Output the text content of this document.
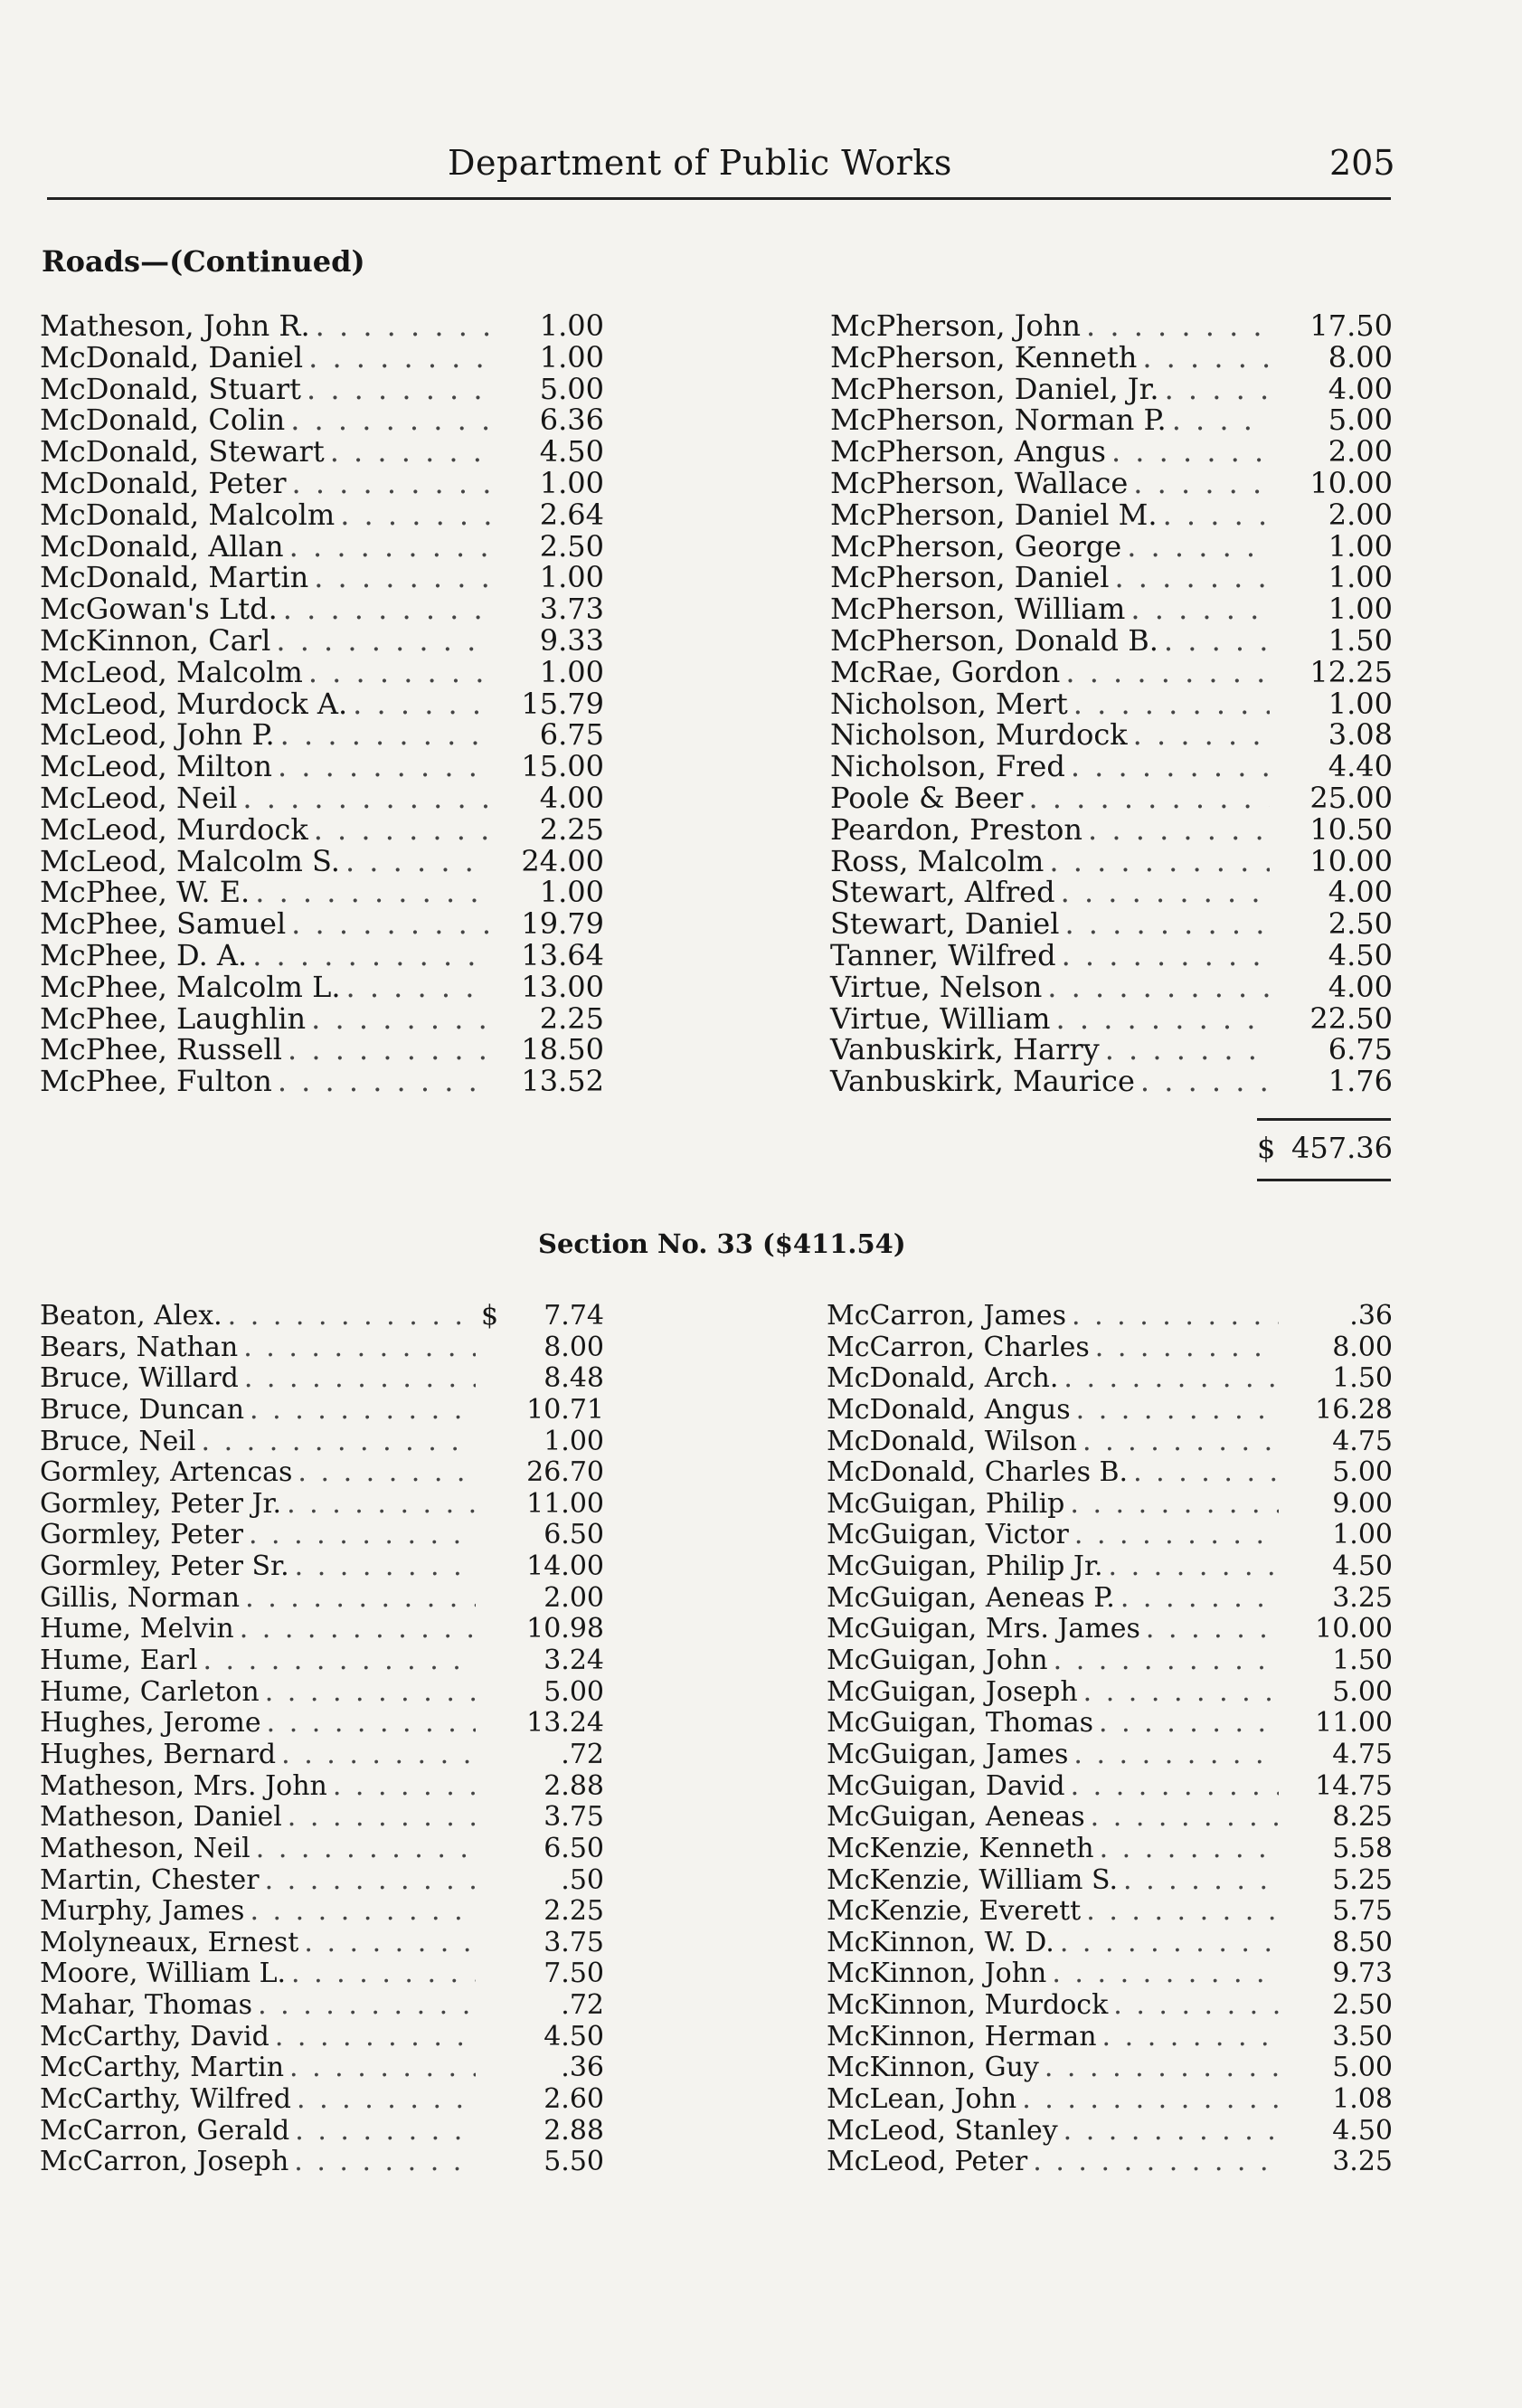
Department of Public Works	205
Roads—(Continued)
Matheson, John R. . . .	1.00
McDonald, Daniel . . .	1.00
McDonald, Stuart . . .	5.00
McDonald, Colin . . .	6.36
McDonald, Stewart . . .	4.50
McDonald, Peter . . .	1.00
McDonald, Malcolm . . .	2.64
McDonald, Allan . . .	2.50
McDonald, Martin . . .	1.00
McGowan's Ltd. . . .	3.73
McKinnon, Carl . . .	9.33
McLeod, Malcolm . . .	1.00
McLeod, Murdock A. . . .	15.79
McLeod, John P. . . .	6.75
McLeod, Milton . . .	15.00
McLeod, Neil . . .	4.00
McLeod, Murdock . . .	2.25
McLeod, Malcolm S. . . .	24.00
McPhee, W. E. . . .	1.00
McPhee, Samuel . . .	19.79
McPhee, D. A. . . .	13.64
McPhee, Malcolm L. . . .	13.00
McPhee, Laughlin . . .	2.25
McPhee, Russell . . .	18.50
McPhee, Fulton . . .	13.52
McPherson, John . . .	17.50
McPherson, Kenneth . . .	8.00
McPherson, Daniel, Jr. . . .	4.00
McPherson, Norman P. . . .	5.00
McPherson, Angus . . .	2.00
McPherson, Wallace . . .	10.00
McPherson, Daniel M. . . .	2.00
McPherson, George . . .	1.00
McPherson, Daniel . . .	1.00
McPherson, William . . .	1.00
McPherson, Donald B. . . .	1.50
McRae, Gordon . . .	12.25
Nicholson, Mert . . .	1.00
Nicholson, Murdock . . .	3.08
Nicholson, Fred . . .	4.40
Poole & Beer . . .	25.00
Peardon, Preston . . .	10.50
Ross, Malcolm . . .	10.00
Stewart, Alfred . . .	4.00
Stewart, Daniel . . .	2.50
Tanner, Wilfred . . .	4.50
Virtue, Nelson . . .	4.00
Virtue, William . . .	22.50
Vanbuskirk, Harry . . .	6.75
Vanbuskirk, Maurice . . .	1.76
$ 457.36
Section No. 33 ($411.54)
Beaton, Alex. . . .	$	7.74
Bears, Nathan . . .	8.00
Bruce, Willard . . .	8.48
Bruce, Duncan . . .	10.71
Bruce, Neil . . .	1.00
Gormley, Artencas . . .	26.70
Gormley, Peter Jr. . . .	11.00
Gormley, Peter . . .	6.50
Gormley, Peter Sr. . . .	14.00
Gillis, Norman . . .	2.00
Hume, Melvin . . .	10.98
Hume, Earl . . .	3.24
Hume, Carleton . . .	5.00
Hughes, Jerome . . .	13.24
Hughes, Bernard . . .	.72
Matheson, Mrs. John . . .	2.88
Matheson, Daniel . . .	3.75
Matheson, Neil . . .	6.50
Martin, Chester . . .	.50
Murphy, James . . .	2.25
Molyneaux, Ernest . . .	3.75
Moore, William L. . . .	7.50
Mahar, Thomas . . .	.72
McCarthy, David . . .	4.50
McCarthy, Martin . . .	.36
McCarthy, Wilfred . . .	2.60
McCarron, Gerald . . .	2.88
McCarron, Joseph . . .	5.50
McCarron, James . . .	.36
McCarron, Charles . . .	8.00
McDonald, Arch. . . .	1.50
McDonald, Angus . . .	16.28
McDonald, Wilson . . .	4.75
McDonald, Charles B. . . .	5.00
McGuigan, Philip . . .	9.00
McGuigan, Victor . . .	1.00
McGuigan, Philip Jr. . . .	4.50
McGuigan, Aeneas P. . . .	3.25
McGuigan, Mrs. James . . .	10.00
McGuigan, John . . .	1.50
McGuigan, Joseph . . .	5.00
McGuigan, Thomas . . .	11.00
McGuigan, James . . .	4.75
McGuigan, David . . .	14.75
McGuigan, Aeneas . . .	8.25
McKenzie, Kenneth . . .	5.58
McKenzie, William S. . . .	5.25
McKenzie, Everett . . .	5.75
McKinnon, W. D. . . .	8.50
McKinnon, John . . .	9.73
McKinnon, Murdock . . .	2.50
McKinnon, Herman . . .	3.50
McKinnon, Guy . . .	5.00
McLean, John . . .	1.08
McLeod, Stanley . . .	4.50
McLeod, Peter . . .	3.25
